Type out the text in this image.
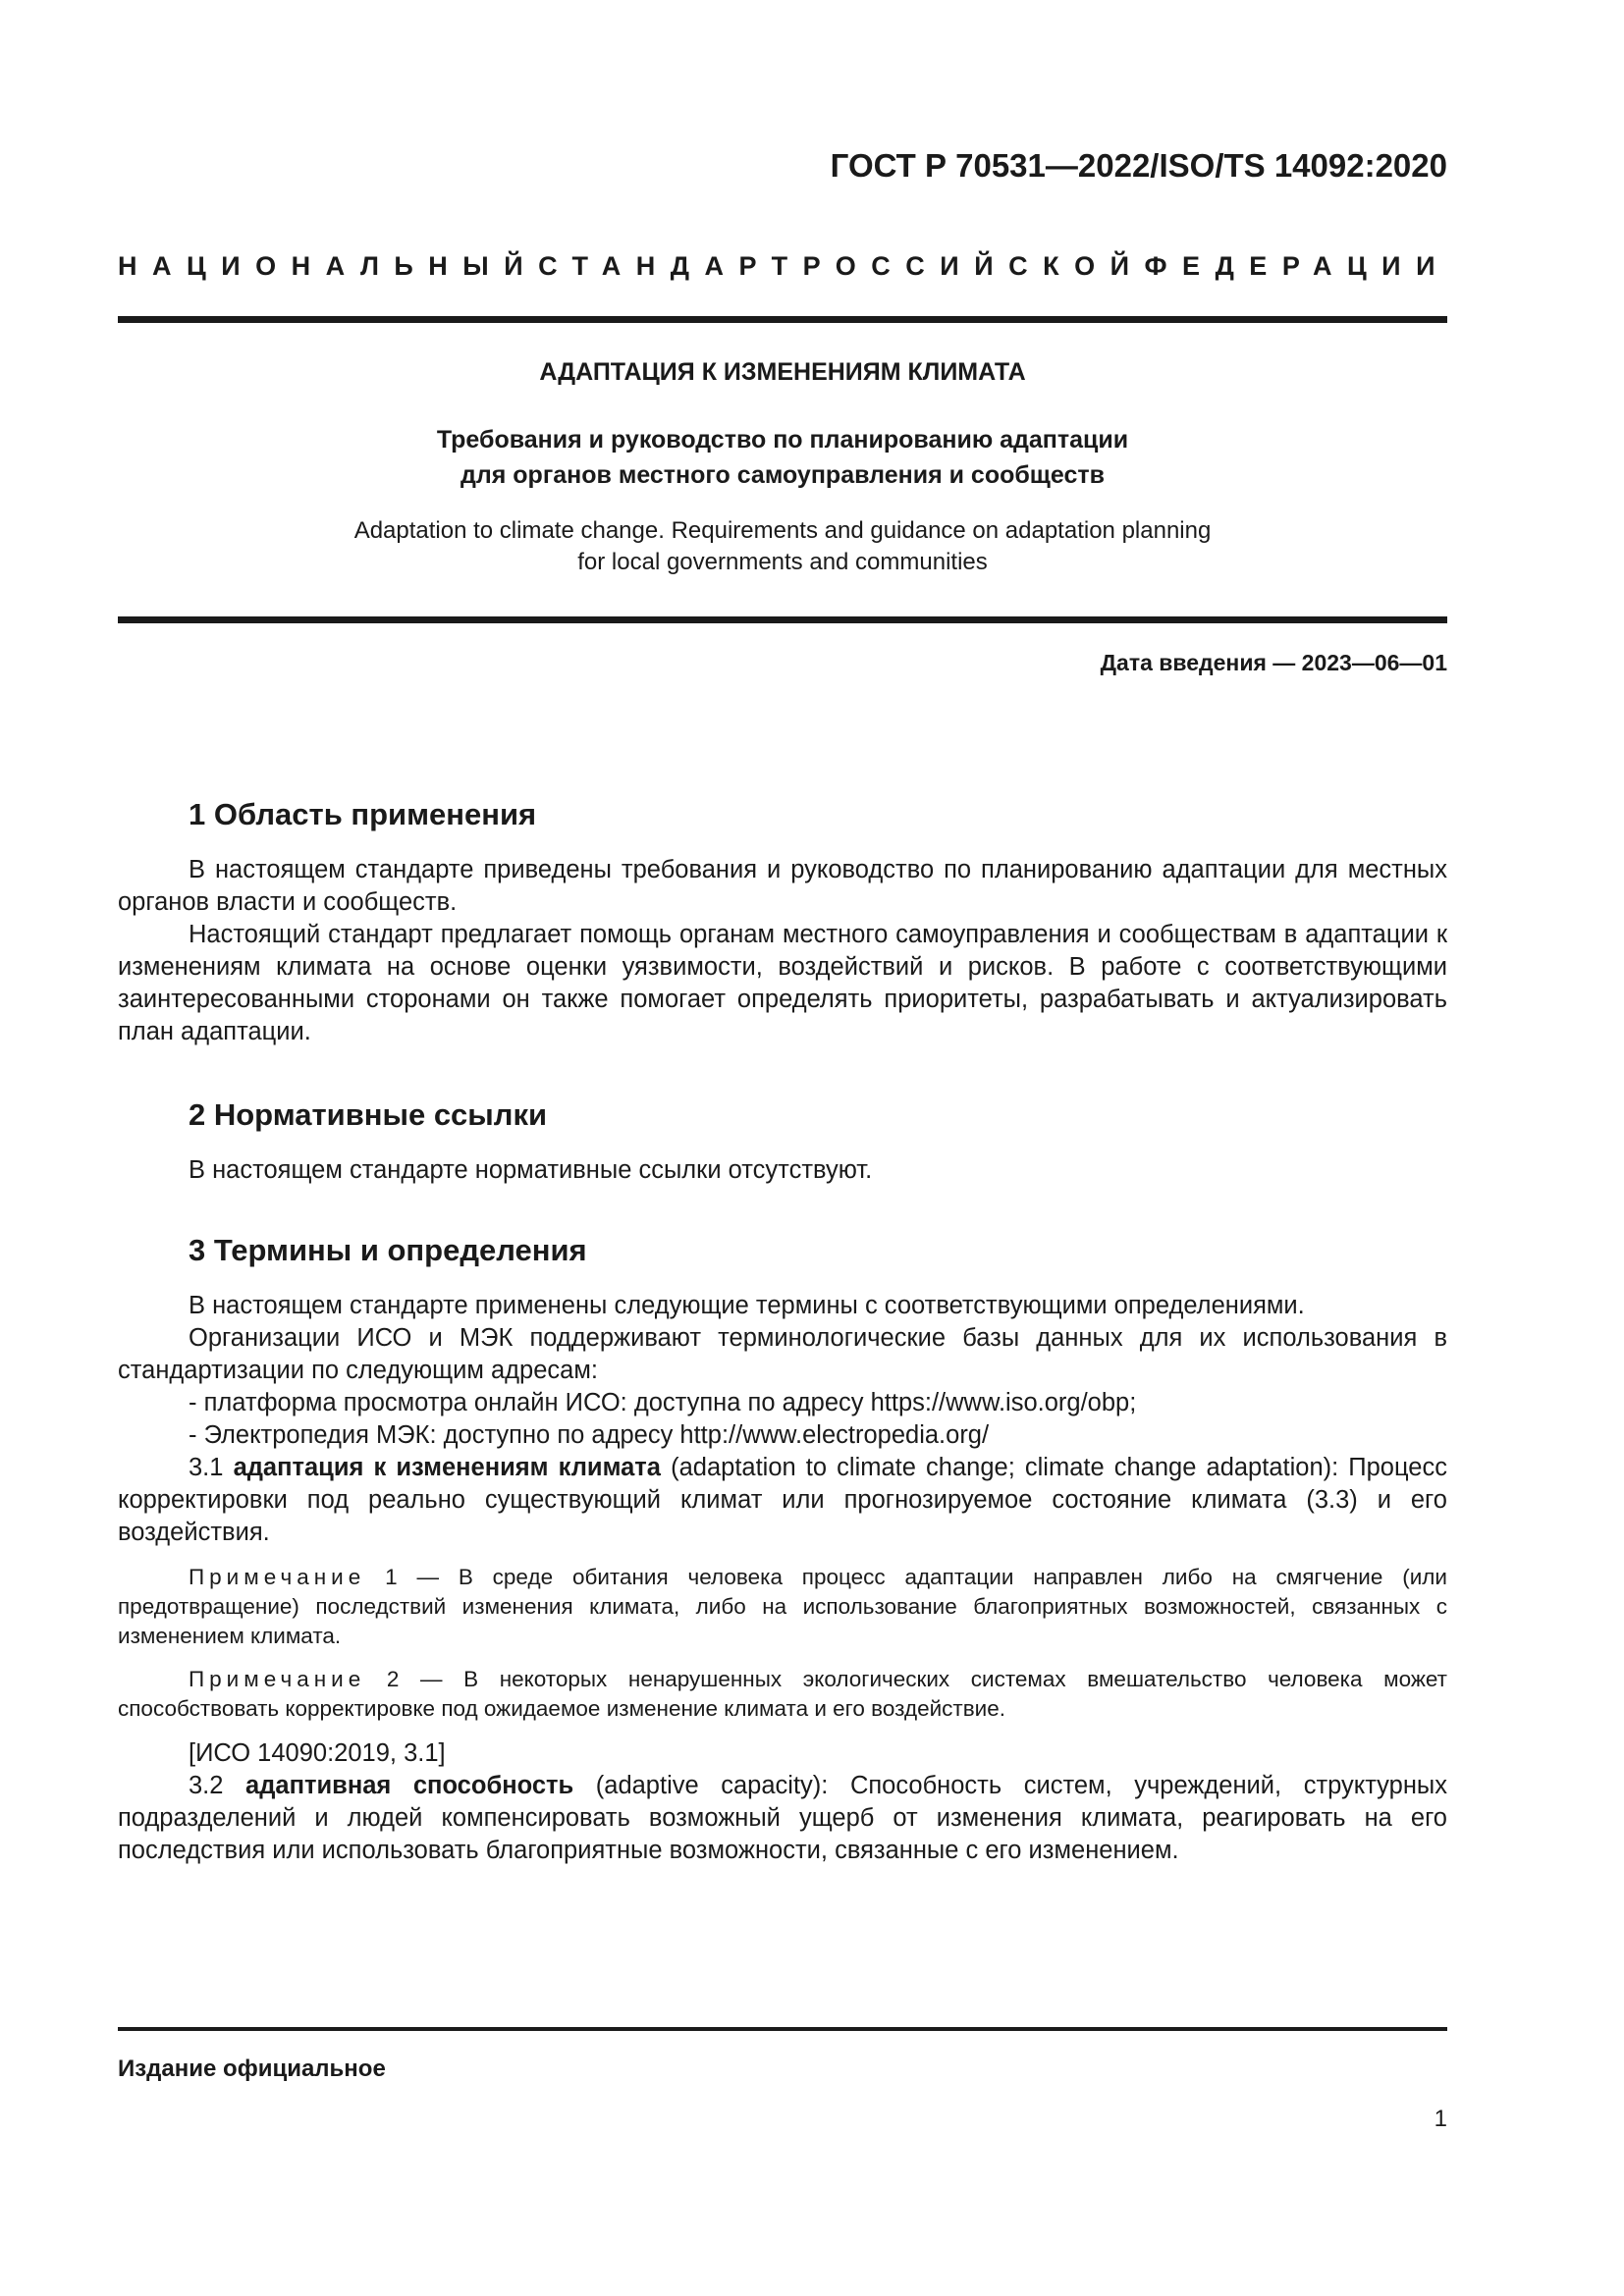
ГОСТ Р 70531—2022/ISO/TS 14092:2020
НАЦИОНАЛЬНЫЙ СТАНДАРТ РОССИЙСКОЙ ФЕДЕРАЦИИ
АДАПТАЦИЯ К ИЗМЕНЕНИЯМ КЛИМАТА
Требования и руководство по планированию адаптации
для органов местного самоуправления и сообществ
Adaptation to climate change. Requirements and guidance on adaptation planning
for local governments and communities
Дата введения — 2023—06—01
1 Область применения

В настоящем стандарте приведены требования и руководство по планированию адаптации для местных органов власти и сообществ.

Настоящий стандарт предлагает помощь органам местного самоуправления и сообществам в адаптации к изменениям климата на основе оценки уязвимости, воздействий и рисков. В работе с соответствующими заинтересованными сторонами он также помогает определять приоритеты, разрабатывать и актуализировать план адаптации.

2 Нормативные ссылки

В настоящем стандарте нормативные ссылки отсутствуют.

3 Термины и определения

В настоящем стандарте применены следующие термины с соответствующими определениями.

Организации ИСО и МЭК поддерживают терминологические базы данных для их использования в стандартизации по следующим адресам:

- платформа просмотра онлайн ИСО: доступна по адресу https://www.iso.org/obp;
- Электропедия МЭК: доступно по адресу http://www.electropedia.org/

3.1 адаптация к изменениям климата (adaptation to climate change; climate change adaptation): Процесс корректировки под реально существующий климат или прогнозируемое состояние климата (3.3) и его воздействия.

Примечание 1 — В среде обитания человека процесс адаптации направлен либо на смягчение (или предотвращение) последствий изменения климата, либо на использование благоприятных возможностей, связанных с изменением климата.

Примечание 2 — В некоторых ненарушенных экологических системах вмешательство человека может способствовать корректировке под ожидаемое изменение климата и его воздействие.

[ИСО 14090:2019, 3.1]

3.2 адаптивная способность (adaptive capacity): Способность систем, учреждений, структурных подразделений и людей компенсировать возможный ущерб от изменения климата, реагировать на его последствия или использовать благоприятные возможности, связанные с его изменением.

Издание официальное
1
